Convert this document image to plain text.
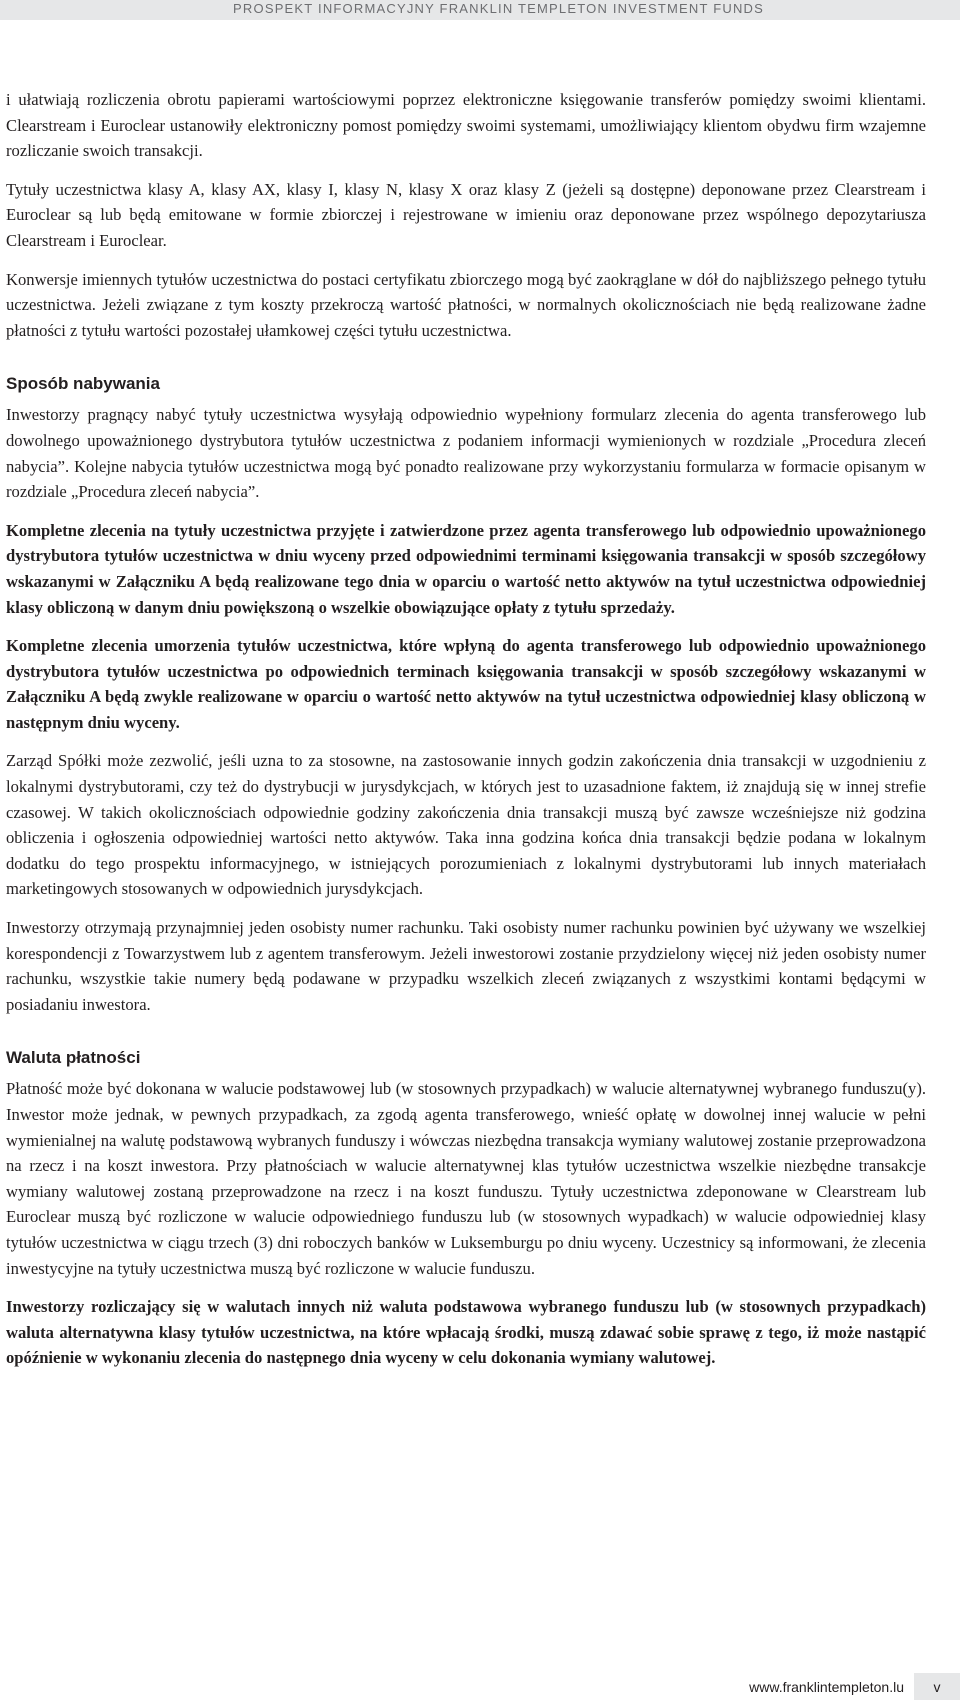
PROSPEKT INFORMACYJNY FRANKLIN TEMPLETON INVESTMENT FUNDS

i ułatwiają rozliczenia obrotu papierami wartościowymi poprzez elektroniczne księgowanie transferów pomiędzy swoimi klientami. Clearstream i Euroclear ustanowiły elektroniczny pomost pomiędzy swoimi systemami, umożliwiający klientom obydwu firm wzajemne rozliczanie swoich transakcji.

Tytuły uczestnictwa klasy A, klasy AX, klasy I, klasy N, klasy X oraz klasy Z (jeżeli są dostępne) deponowane przez Clearstream i Euroclear są lub będą emitowane w formie zbiorczej i rejestrowane w imieniu oraz deponowane przez wspólnego depozytariusza Clearstream i Euroclear.

Konwersje imiennych tytułów uczestnictwa do postaci certyfikatu zbiorczego mogą być zaokrąglane w dół do najbliższego pełnego tytułu uczestnictwa. Jeżeli związane z tym koszty przekroczą wartość płatności, w normalnych okolicznościach nie będą realizowane żadne płatności z tytułu wartości pozostałej ułamkowej części tytułu uczestnictwa.

Sposób nabywania

Inwestorzy pragnący nabyć tytuły uczestnictwa wysyłają odpowiednio wypełniony formularz zlecenia do agenta transferowego lub dowolnego upoważnionego dystrybutora tytułów uczestnictwa z podaniem informacji wymienionych w rozdziale „Procedura zleceń nabycia”. Kolejne nabycia tytułów uczestnictwa mogą być ponadto realizowane przy wykorzystaniu formularza w formacie opisanym w rozdziale „Procedura zleceń nabycia”.

Kompletne zlecenia na tytuły uczestnictwa przyjęte i zatwierdzone przez agenta transferowego lub odpowiednio upoważnionego dystrybutora tytułów uczestnictwa w dniu wyceny przed odpowiednimi terminami księgowania transakcji w sposób szczegółowy wskazanymi w Załączniku A będą realizowane tego dnia w oparciu o wartość netto aktywów na tytuł uczestnictwa odpowiedniej klasy obliczoną w danym dniu powiększoną o wszelkie obowiązujące opłaty z tytułu sprzedaży.

Kompletne zlecenia umorzenia tytułów uczestnictwa, które wpłyną do agenta transferowego lub odpowiednio upoważnionego dystrybutora tytułów uczestnictwa po odpowiednich terminach księgowania transakcji w sposób szczegółowy wskazanymi w Załączniku A będą zwykle realizowane w oparciu o wartość netto aktywów na tytuł uczestnictwa odpowiedniej klasy obliczoną w następnym dniu wyceny.

Zarząd Spółki może zezwolić, jeśli uzna to za stosowne, na zastosowanie innych godzin zakończenia dnia transakcji w uzgodnieniu z lokalnymi dystrybutorami, czy też do dystrybucji w jurysdykcjach, w których jest to uzasadnione faktem, iż znajdują się w innej strefie czasowej. W takich okolicznościach odpowiednie godziny zakończenia dnia transakcji muszą być zawsze wcześniejsze niż godzina obliczenia i ogłoszenia odpowiedniej wartości netto aktywów. Taka inna godzina końca dnia transakcji będzie podana w lokalnym dodatku do tego prospektu informacyjnego, w istniejących porozumieniach z lokalnymi dystrybutorami lub innych materiałach marketingowych stosowanych w odpowiednich jurysdykcjach.

Inwestorzy otrzymają przynajmniej jeden osobisty numer rachunku. Taki osobisty numer rachunku powinien być używany we wszelkiej korespondencji z Towarzystwem lub z agentem transferowym. Jeżeli inwestorowi zostanie przydzielony więcej niż jeden osobisty numer rachunku, wszystkie takie numery będą podawane w przypadku wszelkich zleceń związanych z wszystkimi kontami będącymi w posiadaniu inwestora.

Waluta płatności

Płatność może być dokonana w walucie podstawowej lub (w stosownych przypadkach) w walucie alternatywnej wybranego funduszu(y). Inwestor może jednak, w pewnych przypadkach, za zgodą agenta transferowego, wnieść opłatę w dowolnej innej walucie w pełni wymienialnej na walutę podstawową wybranych funduszy i wówczas niezbędna transakcja wymiany walutowej zostanie przeprowadzona na rzecz i na koszt inwestora. Przy płatnościach w walucie alternatywnej klas tytułów uczestnictwa wszelkie niezbędne transakcje wymiany walutowej zostaną przeprowadzone na rzecz i na koszt funduszu. Tytuły uczestnictwa zdeponowane w Clearstream lub Euroclear muszą być rozliczone w walucie odpowiedniego funduszu lub (w stosownych wypadkach) w walucie odpowiedniej klasy tytułów uczestnictwa w ciągu trzech (3) dni roboczych banków w Luksemburgu po dniu wyceny. Uczestnicy są informowani, że zlecenia inwestycyjne na tytuły uczestnictwa muszą być rozliczone w walucie funduszu.

Inwestorzy rozliczający się w walutach innych niż waluta podstawowa wybranego funduszu lub (w stosownych przypadkach) waluta alternatywna klasy tytułów uczestnictwa, na które wpłacają środki, muszą zdawać sobie sprawę z tego, iż może nastąpić opóźnienie w wykonaniu zlecenia do następnego dnia wyceny w celu dokonania wymiany walutowej.

www.franklintempleton.lu	v
